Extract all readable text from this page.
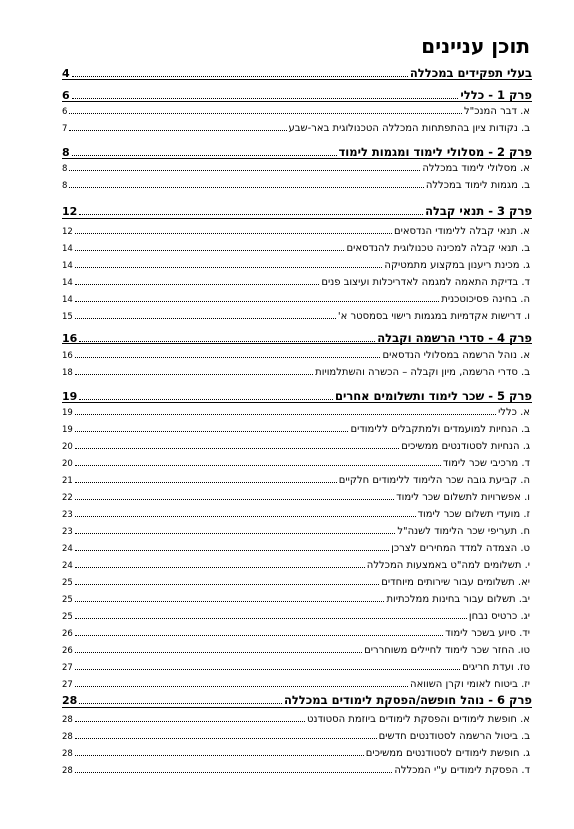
תוכן עניינים
בעלי תפקידים במכללה
4
פרק 1 - כללי
6
א. דבר המנכ"ל
6
ב. נקודות ציון בהתפתחות המכללה הטכנולוגית באר-שבע
7
פרק 2 - מסלולי לימוד ומגמות לימוד
8
א. מסלולי לימוד במכללה
8
ב. מגמות לימוד במכללה
8
פרק 3 - תנאי קבלה
12
א. תנאי קבלה ללימודי הנדסאים
12
ב. תנאי קבלה למכינה טכנולוגית להנדסאים
14
ג. מכינת ריענון במקצוע מתמטיקה
14
ד. בדיקת התאמה למגמה לאדריכלות ועיצוב פנים
14
ה. בחינה פסיכוטכנית
14
ו. דרישות אקדמיות במגמות רישוי בסמסטר א'
15
פרק 4 - סדרי הרשמה וקבלה
16
א. נוהל הרשמה במסלולי הנדסאים
16
ב. סדרי הרשמה, מיון וקבלה – הכשרה והשתלמויות
18
פרק 5 - שכר לימוד ותשלומים אחרים
19
א. כללי
19
ב. הנחיות למועמדים ולמתקבלים ללימודים
19
ג. הנחיות לסטודנטים ממשיכים
20
ד. מרכיבי שכר לימוד
20
ה. קביעת גובה שכר הלימוד ללימודים חלקיים
21
ו. אפשרויות לתשלום שכר לימוד
22
ז. מועדי תשלום שכר לימוד
23
ח. תעריפי שכר הלימוד לשנה"ל
23
ט. הצמדה למדד המחירים לצרכן
24
י. תשלומים למה"ט באמצעות המכללה
24
יא. תשלומים עבור שירותים מיוחדים
25
יב. תשלום עבור בחינות ממלכתיות
25
יג. כרטיס נבחן
25
יד. סיוע בשכר לימוד
26
טו. החזר שכר לימוד לחיילים משוחררים
26
טז. ועדת חריגים
27
יז. ביטוח לאומי וקרן השוואה
27
פרק 6 - נוהל חופשה/הפסקת לימודים במכללה
28
א. חופשת לימודים והפסקת לימודים ביוזמת הסטודנט
28
ב. ביטול הרשמה לסטודנטים חדשים
28
ג. חופשת לימודים לסטודנטים ממשיכים
28
ד. הפסקת לימודים ע"י המכללה
28
